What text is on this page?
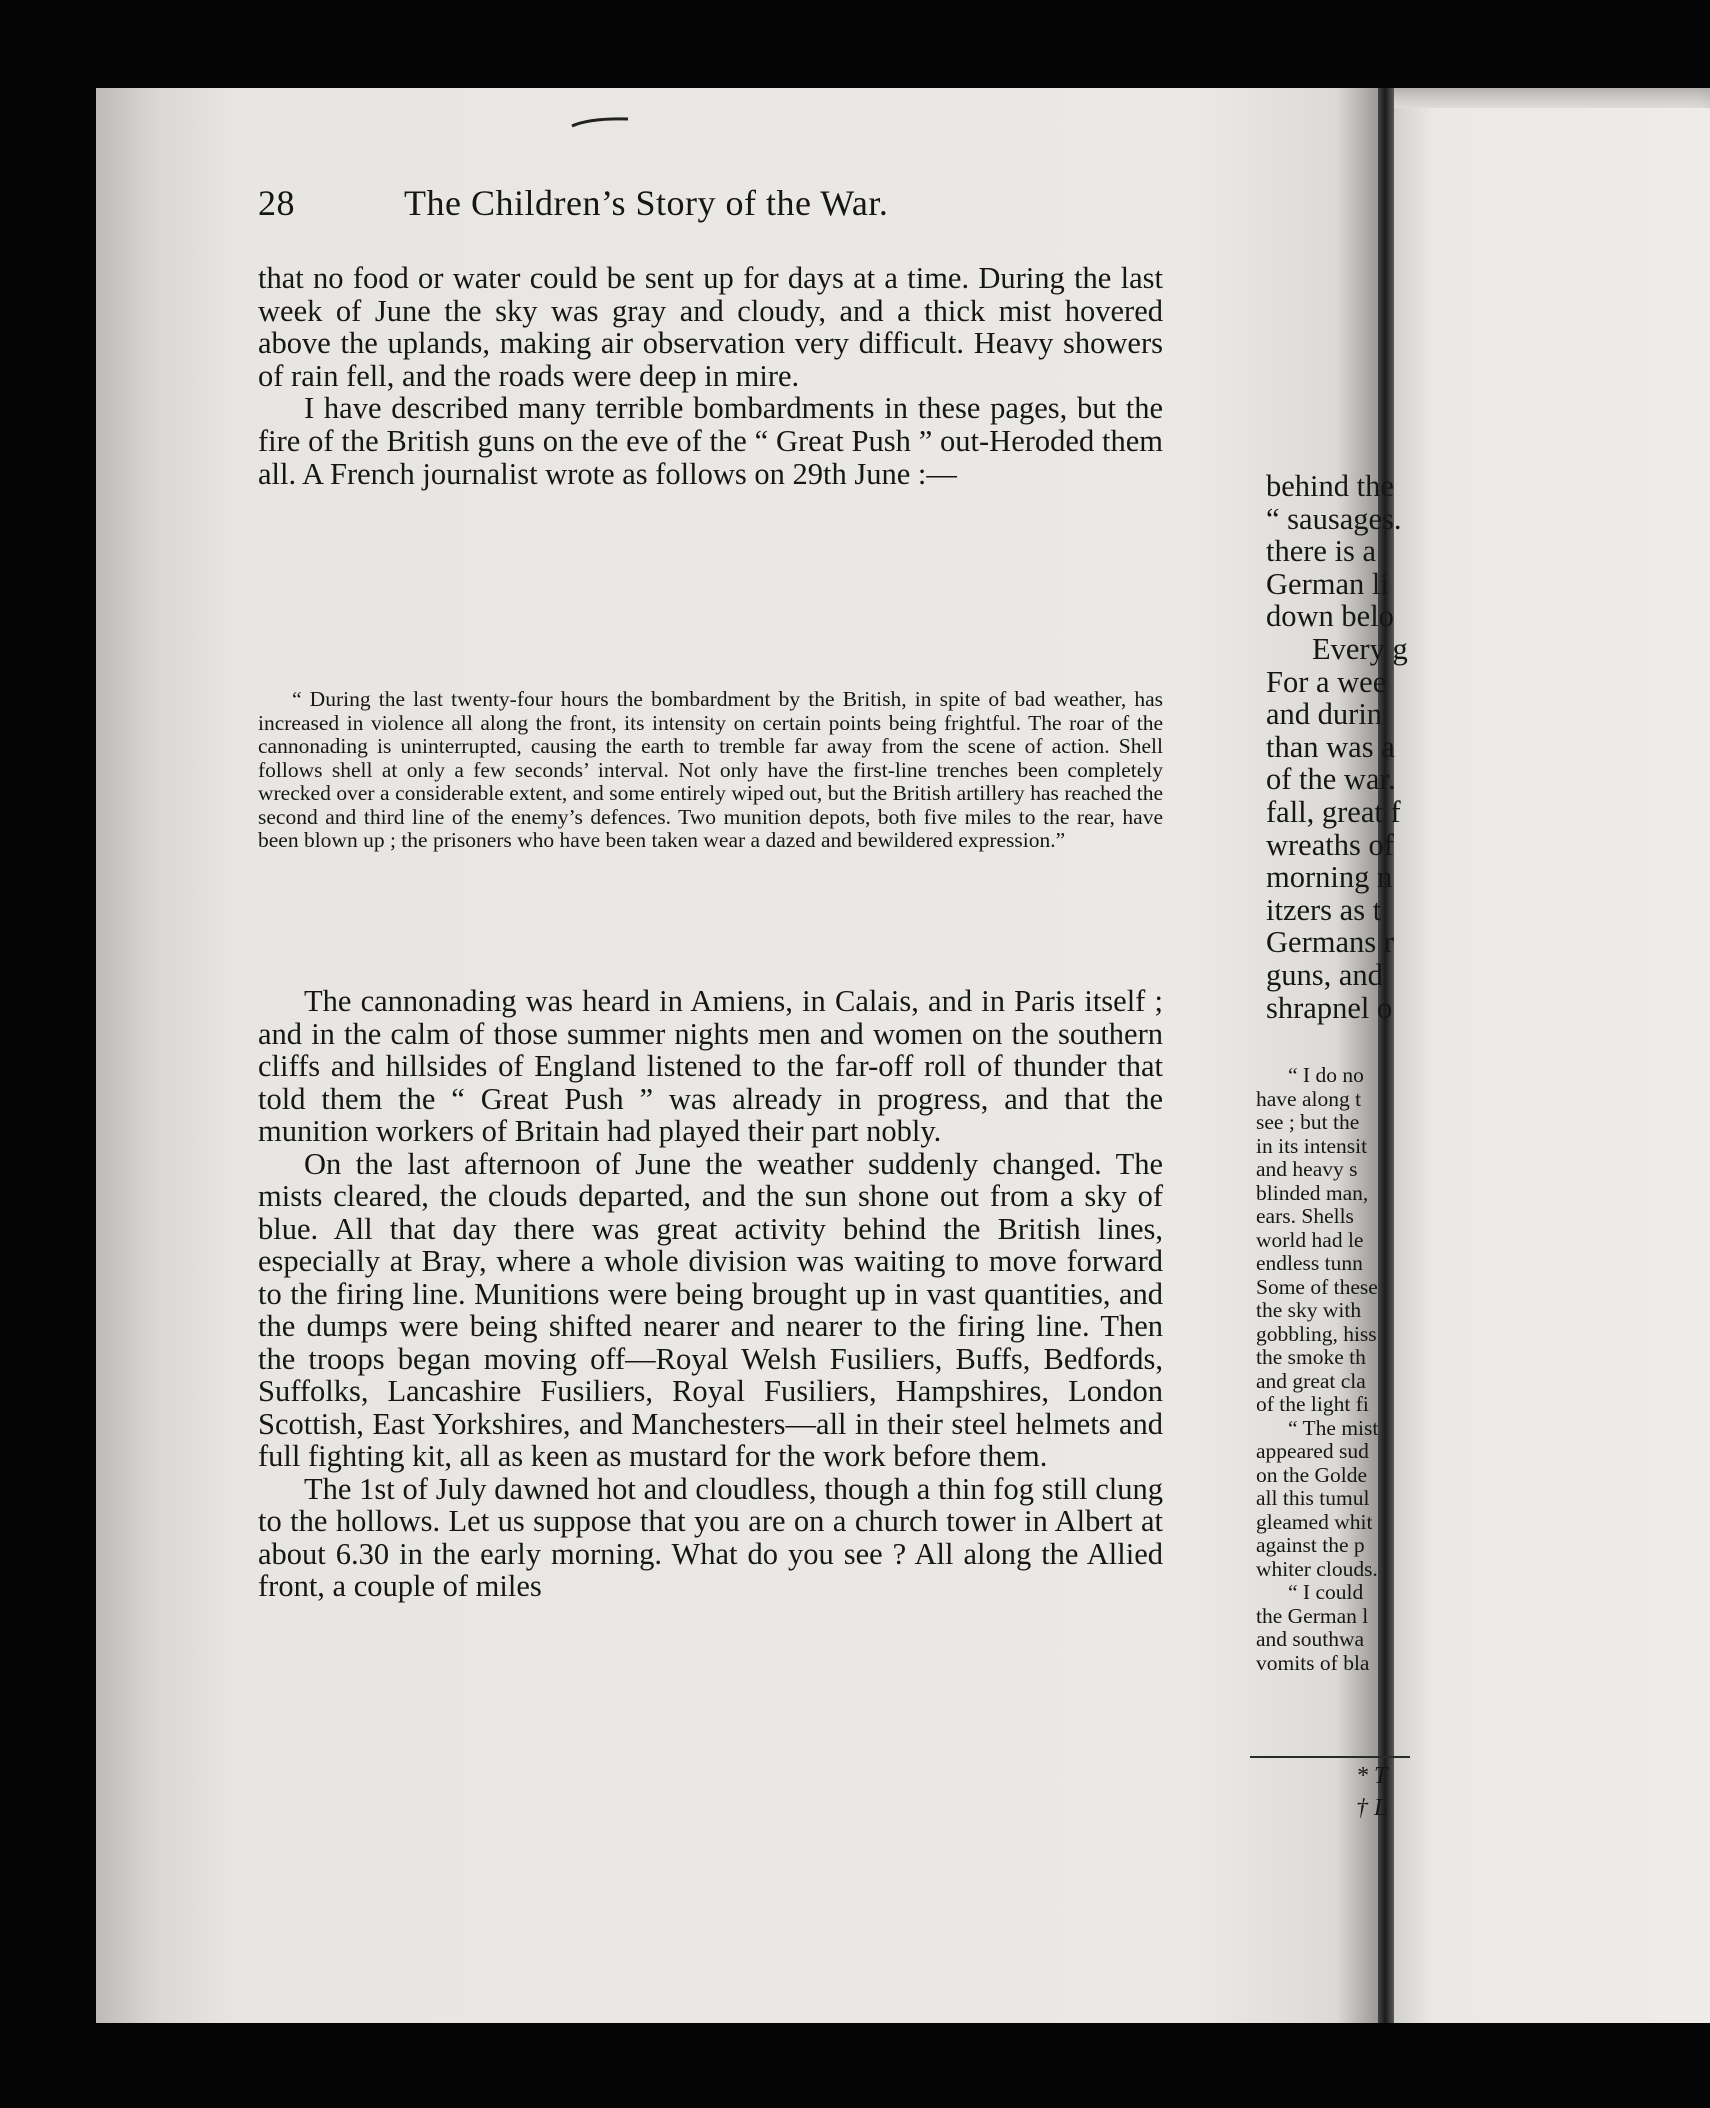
behind the
“ sausages.
there is a
German li
down belo
Every g
For a wee
and durin
than was a
of the war.
fall, great f
wreaths of
morning n
itzers as t
Germans r
guns, and
shrapnel o
“ I do no
have along t
see ; but the
in its intensit
and heavy s
blinded man,
ears. Shells
world had le
endless tunn
Some of these
the sky with
gobbling, hiss
the smoke th
and great cla
of the light fi
“ The mist
appeared sud
on the Golde
all this tumul
gleamed whit
against the p
whiter clouds.
“ I could
the German l
and southwa
vomits of bla
* T
† L
28	The Children’s Story of the War.

that no food or water could be sent up for days at a time. During the last week of June the sky was gray and cloudy, and a thick mist hovered above the uplands, making air observation very difficult. Heavy showers of rain fell, and the roads were deep in mire.

I have described many terrible bombardments in these pages, but the fire of the British guns on the eve of the “ Great Push ” out-Heroded them all. A French journalist wrote as follows on 29th June :—

“ During the last twenty-four hours the bombardment by the British, in spite of bad weather, has increased in violence all along the front, its intensity on certain points being frightful. The roar of the cannonading is uninterrupted, causing the earth to tremble far away from the scene of action. Shell follows shell at only a few seconds’ interval. Not only have the first-line trenches been completely wrecked over a considerable extent, and some entirely wiped out, but the British artillery has reached the second and third line of the enemy’s defences. Two munition depots, both five miles to the rear, have been blown up ; the prisoners who have been taken wear a dazed and bewildered expression.”

The cannonading was heard in Amiens, in Calais, and in Paris itself ; and in the calm of those summer nights men and women on the southern cliffs and hillsides of England listened to the far-off roll of thunder that told them the “ Great Push ” was already in progress, and that the munition workers of Britain had played their part nobly.

On the last afternoon of June the weather suddenly changed. The mists cleared, the clouds departed, and the sun shone out from a sky of blue. All that day there was great activity behind the British lines, especially at Bray, where a whole division was waiting to move forward to the firing line. Munitions were being brought up in vast quantities, and the dumps were being shifted nearer and nearer to the firing line. Then the troops began moving off—Royal Welsh Fusiliers, Buffs, Bedfords, Suffolks, Lancashire Fusiliers, Royal Fusiliers, Hampshires, London Scottish, East Yorkshires, and Manchesters—all in their steel helmets and full fighting kit, all as keen as mustard for the work before them.

The 1st of July dawned hot and cloudless, though a thin fog still clung to the hollows. Let us suppose that you are on a church tower in Albert at about 6.30 in the early morning. What do you see ? All along the Allied front, a couple of miles
